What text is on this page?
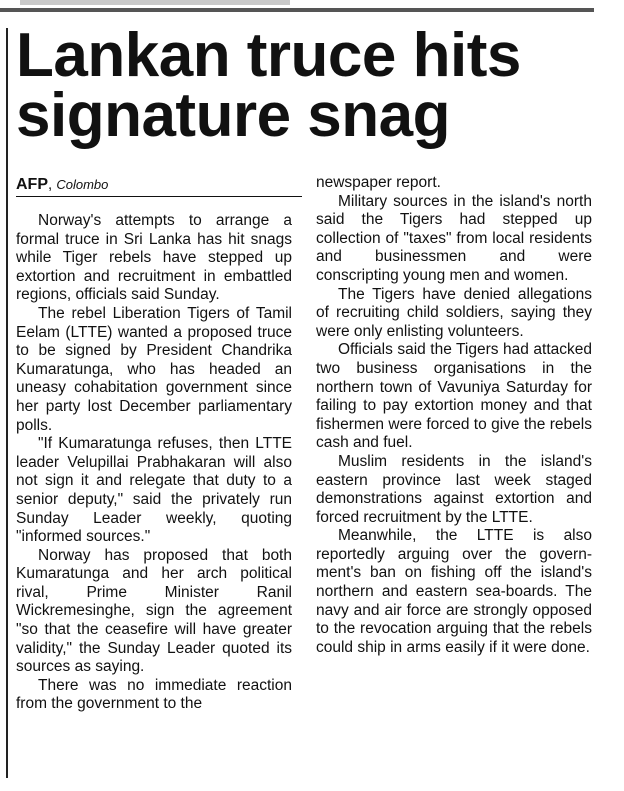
Lankan truce hits
signature snag
AFP, Colombo

Norway's attempts to arrange a formal truce in Sri Lanka has hit snags while Tiger rebels have stepped up extortion and recruitment in embattled regions, officials said Sunday.

The rebel Liberation Tigers of Tamil Eelam (LTTE) wanted a proposed truce to be signed by President Chandrika Kumaratunga, who has headed an uneasy cohabitation government since her party lost December parliamentary polls.

"If Kumaratunga refuses, then LTTE leader Velupillai Prabhakaran will also not sign it and relegate that duty to a senior deputy," said the privately run Sunday Leader weekly, quoting "informed sources."

Norway has proposed that both Kumaratunga and her arch political rival, Prime Minister Ranil Wickremesinghe, sign the agreement "so that the ceasefire will have greater validity," the Sunday Leader quoted its sources as saying.

There was no immediate reaction from the government to the

newspaper report.

Military sources in the island's north said the Tigers had stepped up collection of "taxes" from local residents and businessmen and were conscripting young men and women.

The Tigers have denied allegations of recruiting child soldiers, saying they were only enlisting volunteers.

Officials said the Tigers had attacked two business organisations in the northern town of Vavuniya Saturday for failing to pay extortion money and that fishermen were forced to give the rebels cash and fuel.

Muslim residents in the island's eastern province last week staged demonstrations against extortion and forced recruitment by the LTTE.

Meanwhile, the LTTE is also reportedly arguing over the government's ban on fishing off the island's northern and eastern sea-boards. The navy and air force are strongly opposed to the revocation arguing that the rebels could ship in arms easily if it were done.
